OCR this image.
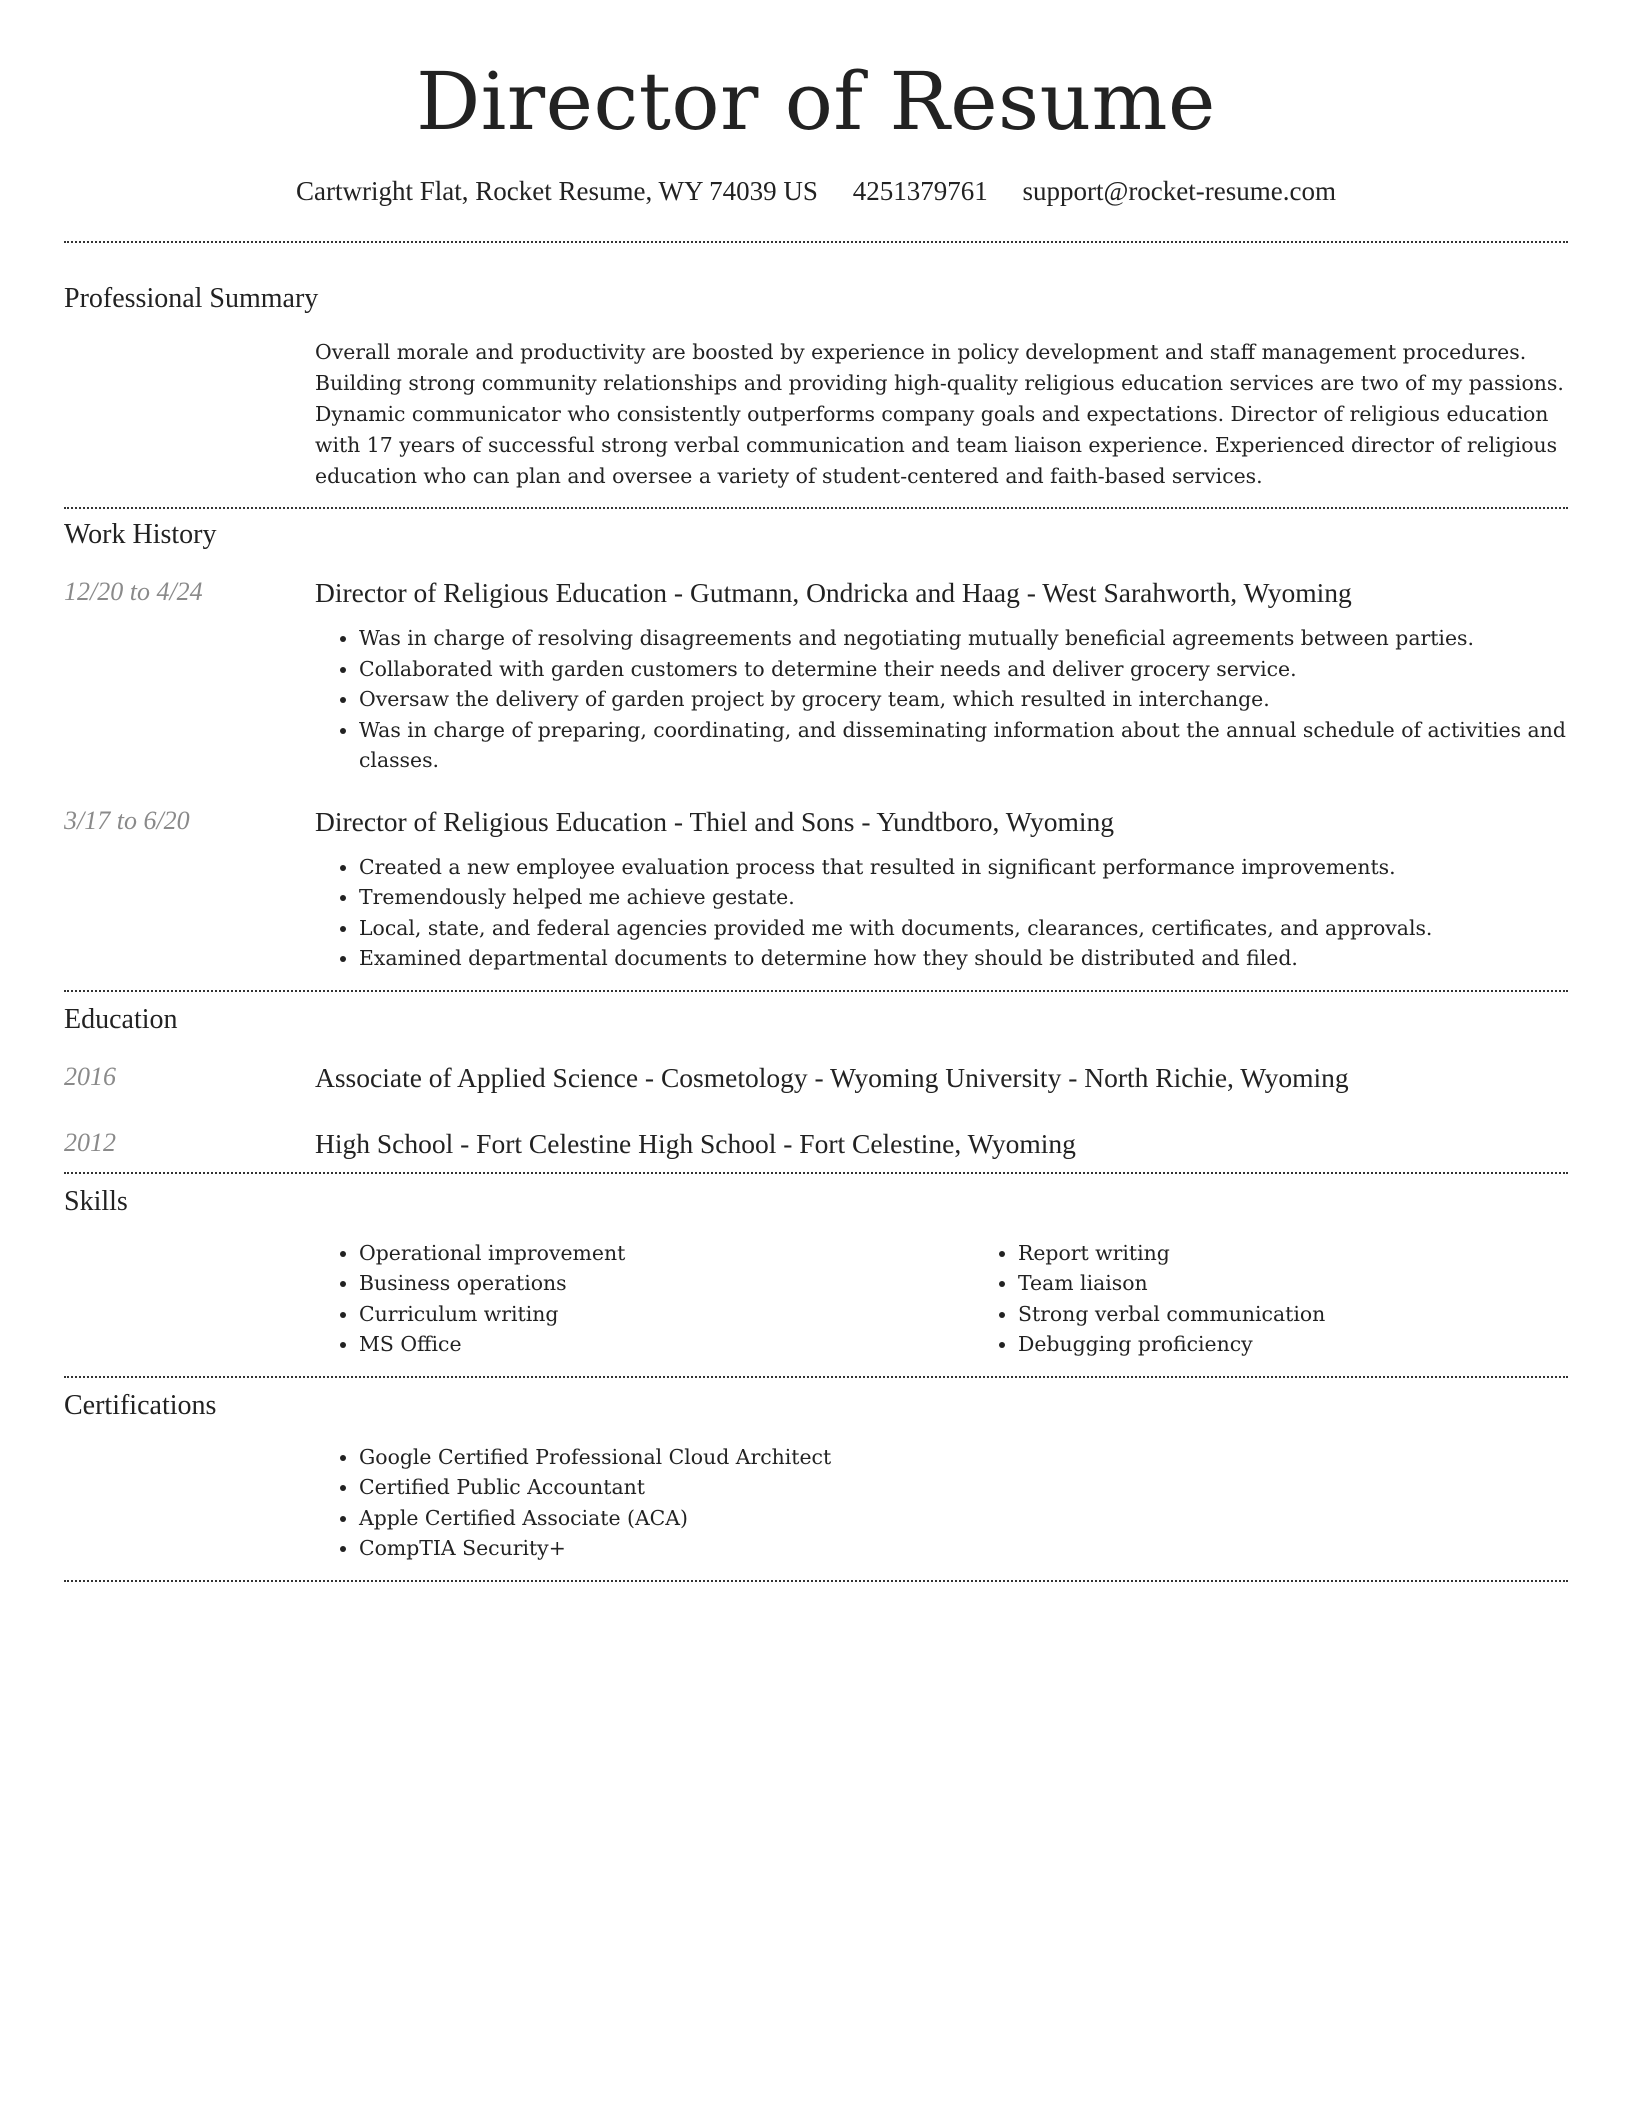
Director of Resume
Cartwright Flat, Rocket Resume, WY 74039 US 4251379761 support@rocket-resume.com
Professional Summary
Overall morale and productivity are boosted by experience in policy development and staff management procedures. Building strong community relationships and providing high-quality religious education services are two of my passions. Dynamic communicator who consistently outperforms company goals and expectations. Director of religious education with 17 years of successful strong verbal communication and team liaison experience. Experienced director of religious education who can plan and oversee a variety of student-centered and faith-based services.
Work History
12/20 to 4/24	Director of Religious Education - Gutmann, Ondricka and Haag - West Sarahworth, Wyoming
• Was in charge of resolving disagreements and negotiating mutually beneficial agreements between parties.
• Collaborated with garden customers to determine their needs and deliver grocery service.
• Oversaw the delivery of garden project by grocery team, which resulted in interchange.
• Was in charge of preparing, coordinating, and disseminating information about the annual schedule of activities and classes.
3/17 to 6/20	Director of Religious Education - Thiel and Sons - Yundtboro, Wyoming
• Created a new employee evaluation process that resulted in significant performance improvements.
• Tremendously helped me achieve gestate.
• Local, state, and federal agencies provided me with documents, clearances, certificates, and approvals.
• Examined departmental documents to determine how they should be distributed and filed.
Education
2016	Associate of Applied Science - Cosmetology - Wyoming University - North Richie, Wyoming
2012	High School - Fort Celestine High School - Fort Celestine, Wyoming
Skills
• Operational improvement
• Business operations
• Curriculum writing
• MS Office
• Report writing
• Team liaison
• Strong verbal communication
• Debugging proficiency
Certifications
• Google Certified Professional Cloud Architect
• Certified Public Accountant
• Apple Certified Associate (ACA)
• CompTIA Security+
